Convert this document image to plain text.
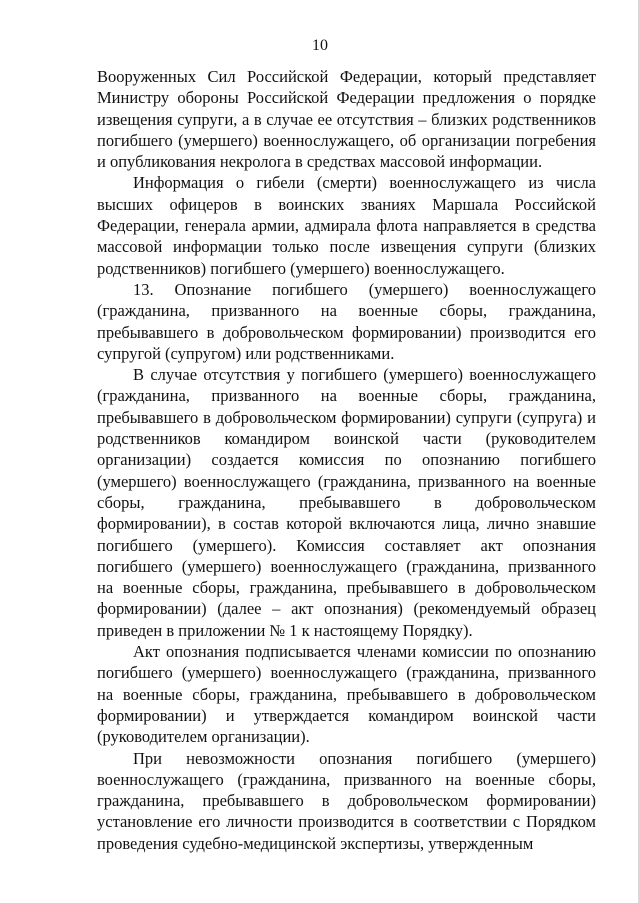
10

Вооруженных Сил Российской Федерации, который представляет Министру обороны Российской Федерации предложения о порядке извещения супруги, а в случае ее отсутствия – близких родственников погибшего (умершего) военнослужащего, об организации погребения и опубликования некролога в средствах массовой информации.

Информация о гибели (смерти) военнослужащего из числа высших офицеров в воинских званиях Маршала Российской Федерации, генерала армии, адмирала флота направляется в средства массовой информации только после извещения супруги (близких родственников) погибшего (умершего) военнослужащего.

13. Опознание погибшего (умершего) военнослужащего (гражданина, призванного на военные сборы, гражданина, пребывавшего в добровольческом формировании) производится его супругой (супругом) или родственниками.

В случае отсутствия у погибшего (умершего) военнослужащего (гражданина, призванного на военные сборы, гражданина, пребывавшего в добровольческом формировании) супруги (супруга) и родственников командиром воинской части (руководителем организации) создается комиссия по опознанию погибшего (умершего) военнослужащего (гражданина, призванного на военные сборы, гражданина, пребывавшего в добровольческом формировании), в состав которой включаются лица, лично знавшие погибшего (умершего). Комиссия составляет акт опознания погибшего (умершего) военнослужащего (гражданина, призванного на военные сборы, гражданина, пребывавшего в добровольческом формировании) (далее – акт опознания) (рекомендуемый образец приведен в приложении № 1 к настоящему Порядку).

Акт опознания подписывается членами комиссии по опознанию погибшего (умершего) военнослужащего (гражданина, призванного на военные сборы, гражданина, пребывавшего в добровольческом формировании) и утверждается командиром воинской части (руководителем организации).

При невозможности опознания погибшего (умершего) военнослужащего (гражданина, призванного на военные сборы, гражданина, пребывавшего в добровольческом формировании) установление его личности производится в соответствии с Порядком проведения судебно-медицинской экспертизы, утвержденным
